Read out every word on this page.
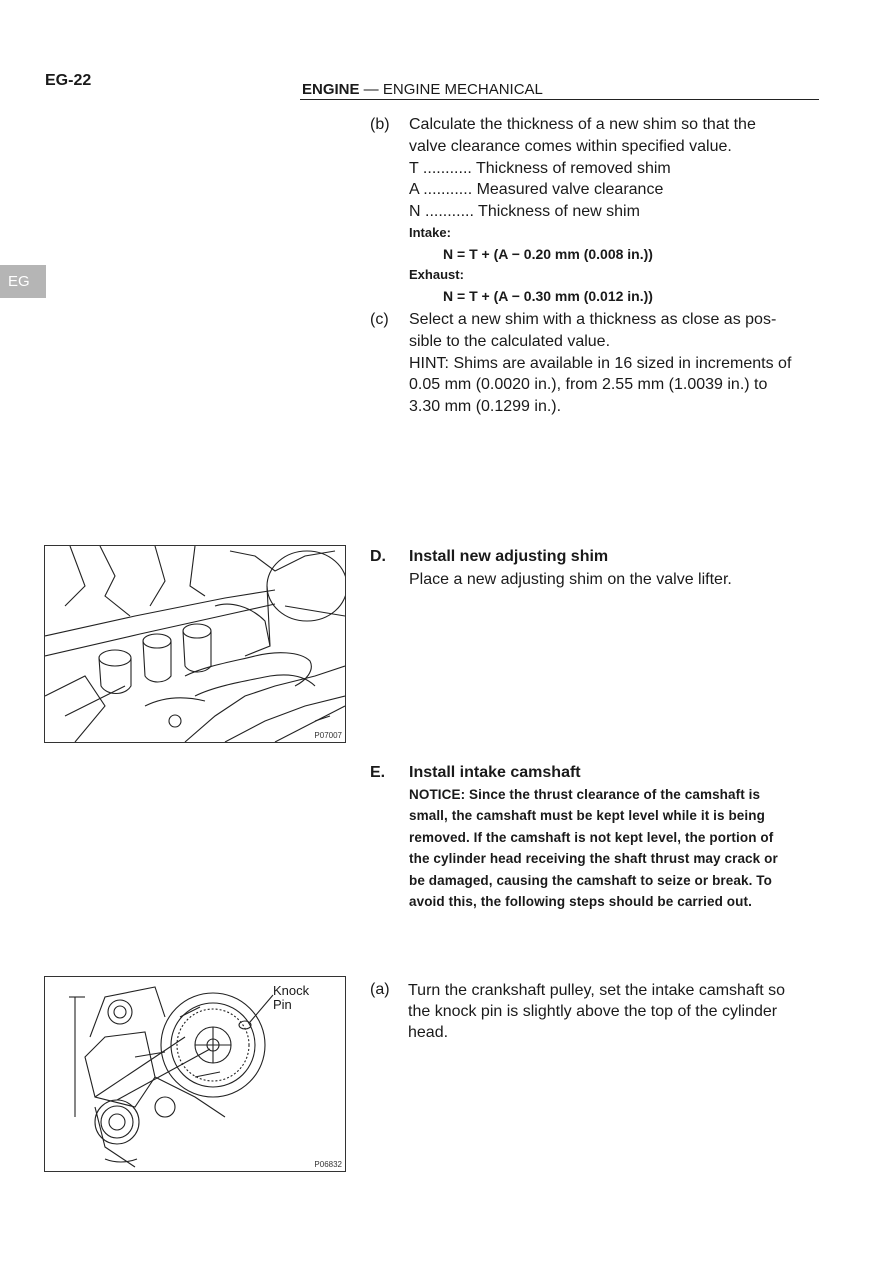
EG-22
ENGINE — ENGINE MECHANICAL
EG
(b) Calculate the thickness of a new shim so that the
valve clearance comes within specified value.
T ........... Thickness of removed shim
A ........... Measured valve clearance
N ........... Thickness of new shim
Intake:
N = T + (A − 0.20 mm (0.008 in.))
Exhaust:
N = T + (A − 0.30 mm (0.012 in.))
(c) Select a new shim with a thickness as close as pos-
sible to the calculated value.
HINT: Shims are available in 16 sized in increments of
0.05 mm (0.0020 in.), from 2.55 mm (1.0039 in.) to
3.30 mm (0.1299 in.).
P07007
D. Install new adjusting shim
Place a new adjusting shim on the valve lifter.
E. Install intake camshaft
NOTICE: Since the thrust clearance of the camshaft is
small, the camshaft must be kept level while it is being
removed. If the camshaft is not kept level, the portion of
the cylinder head receiving the shaft thrust may crack or
be damaged, causing the camshaft to seize or break. To
avoid this, the following steps should be carried out.
Knock
Pin
P06832
(a) Turn the crankshaft pulley, set the intake camshaft so
the knock pin is slightly above the top of the cylinder
head.
